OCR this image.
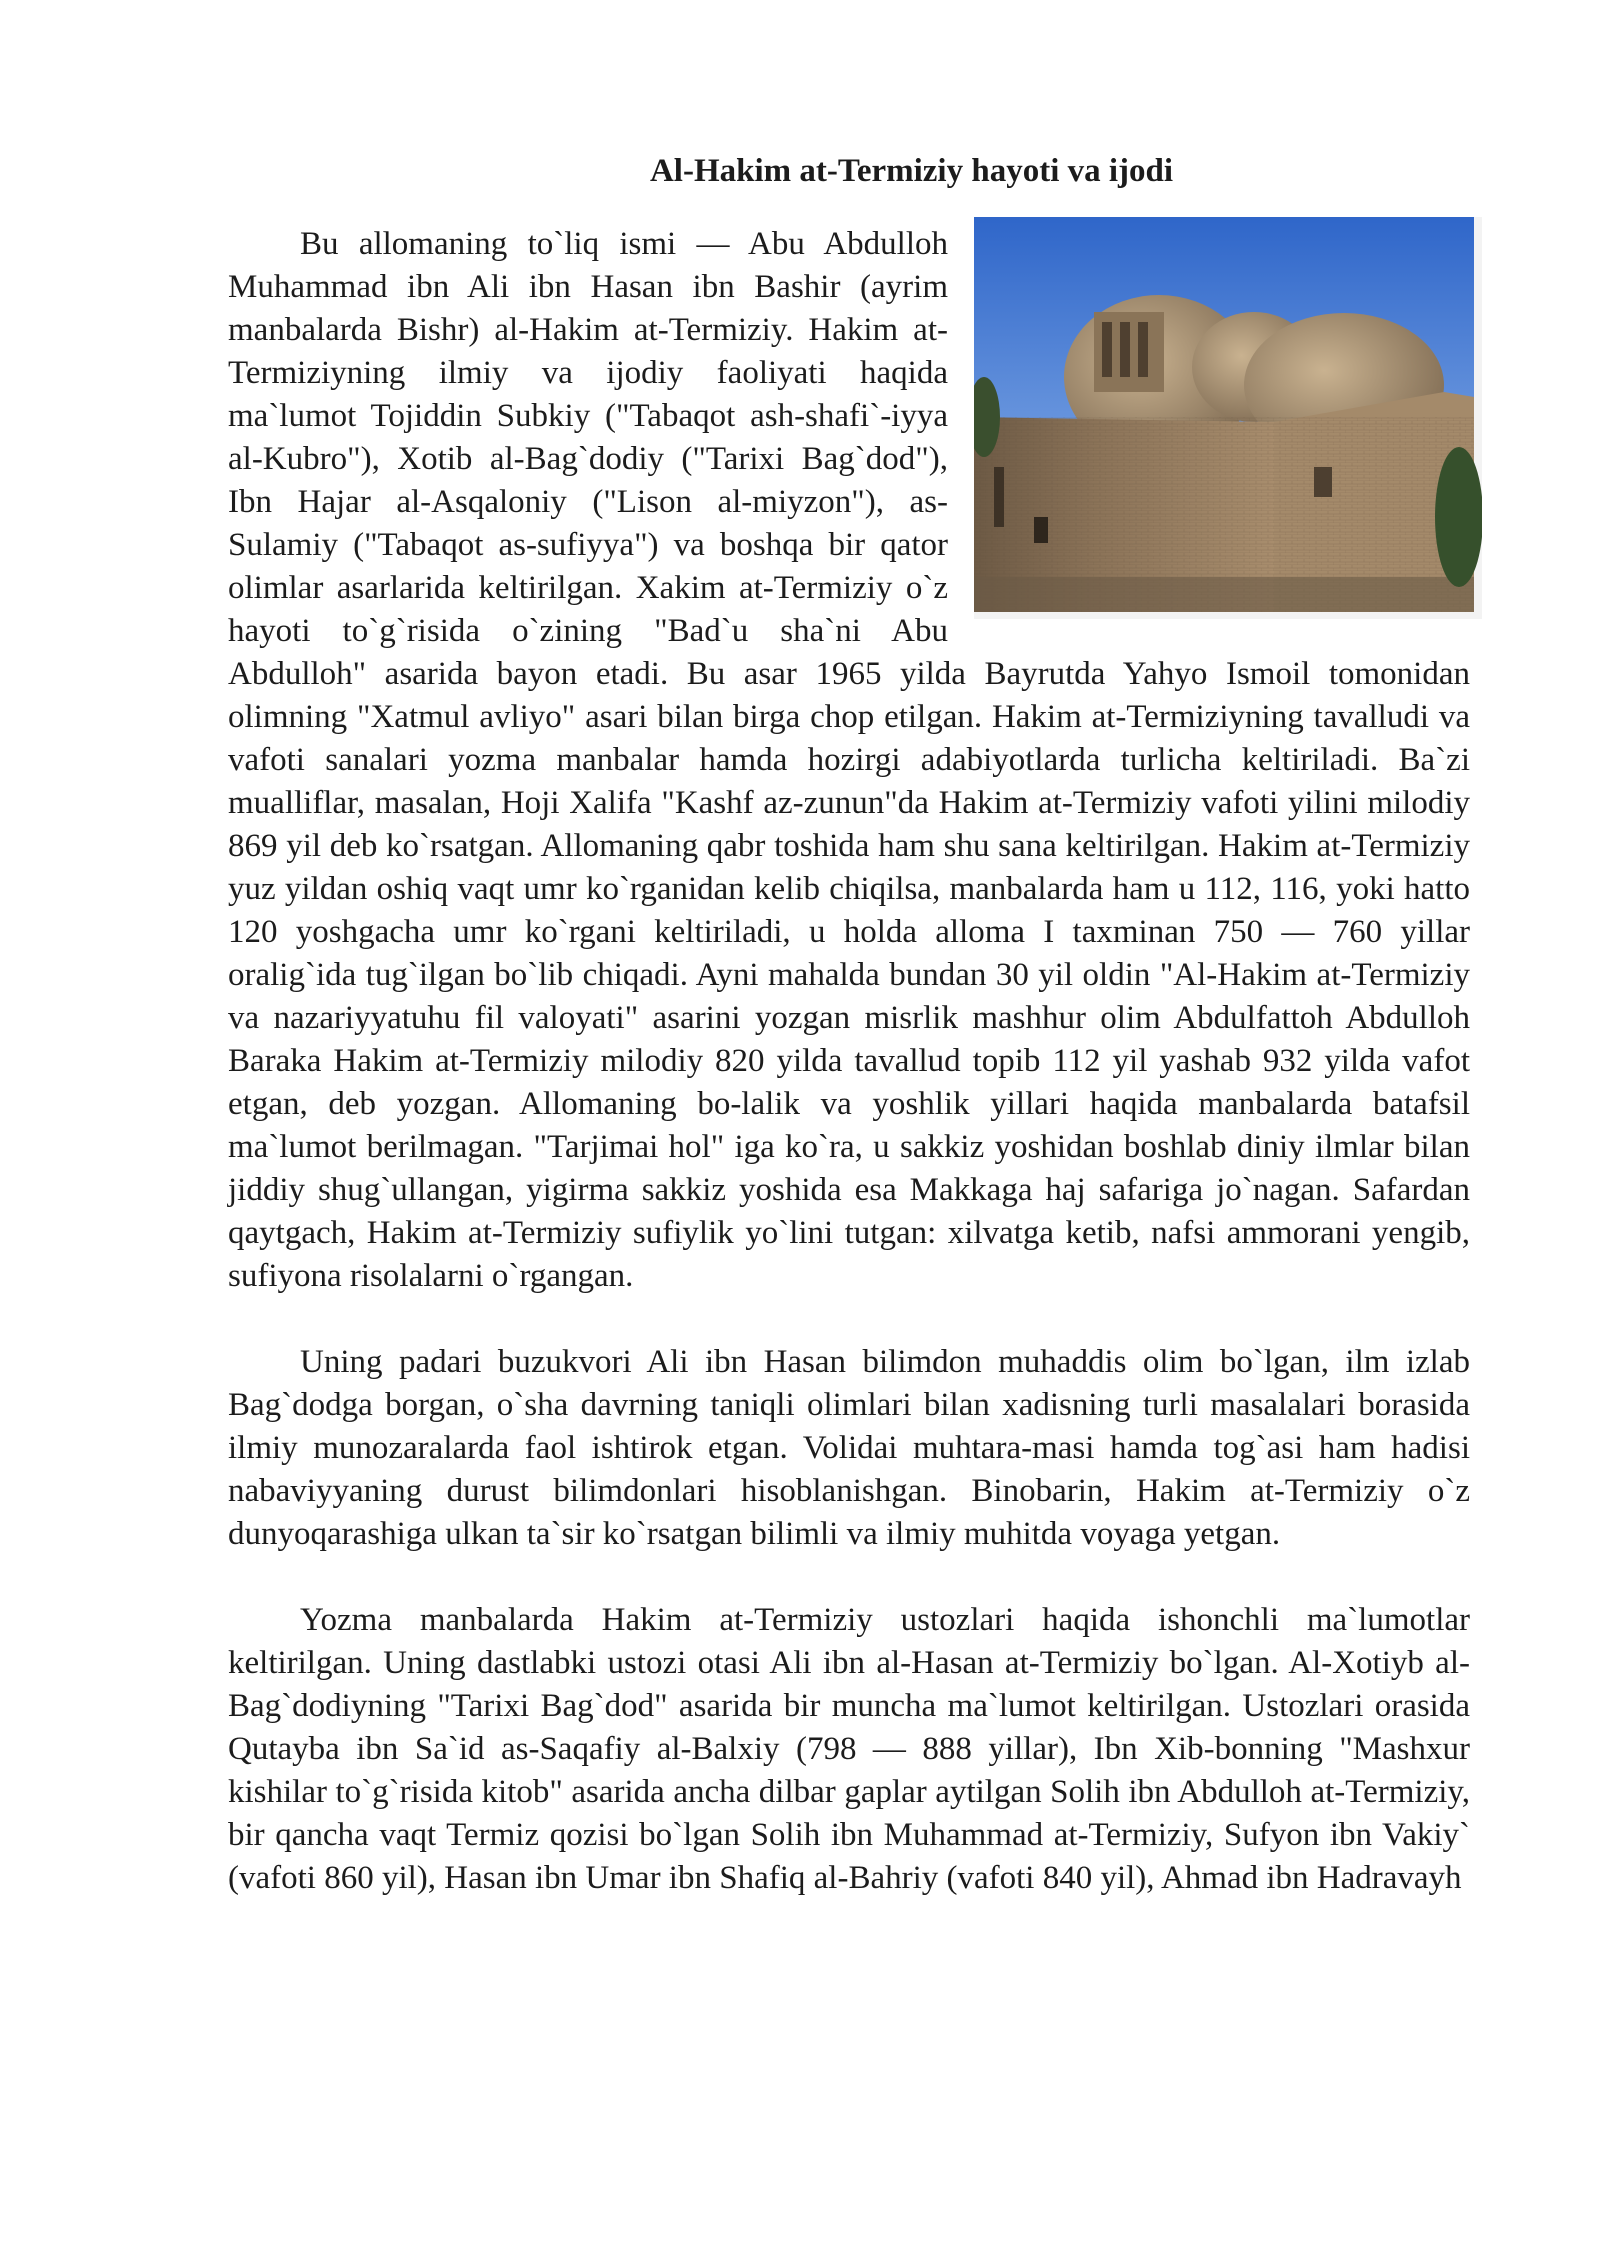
Al-Hakim at-Termiziy hayoti va ijodi

Bu allomaning to`liq ismi — Abu Abdulloh Muhammad ibn Ali ibn Hasan ibn Bashir (ayrim manbalarda Bishr) al-Hakim at-Termiziy. Hakim at-Termiziyning ilmiy va ijodiy faoliyati haqida ma`lumot Tojiddin Subkiy ("Tabaqot ash-shafi`-iyya al-Kubro"), Xotib al-Bag`dodiy ("Tarixi Bag`dod"), Ibn Hajar al-Asqaloniy ("Lison al-miyzon"), as-Sulamiy ("Tabaqot as-sufiyya") va boshqa bir qator olimlar asarlarida keltirilgan. Xakim at-Termiziy o`z hayoti to`g`risida o`zining "Bad`u sha`ni Abu Abdulloh" asarida bayon etadi. Bu asar 1965 yilda Bayrutda Yahyo Ismoil tomonidan olimning "Xatmul avliyo" asari bilan birga chop etilgan. Hakim at-Termiziyning tavalludi va vafoti sanalari yozma manbalar hamda hozirgi adabiyotlarda turlicha keltiriladi. Ba`zi mualliflar, masalan, Hoji Xalifa "Kashf az-zunun"da Hakim at-Termiziy vafoti yilini milodiy 869 yil deb ko`rsatgan. Allomaning qabr toshida ham shu sana keltirilgan. Hakim at-Termiziy yuz yildan oshiq vaqt umr ko`rganidan kelib chiqilsa, manbalarda ham u 112, 116, yoki hatto 120 yoshgacha umr ko`rgani keltiriladi, u holda alloma I taxminan 750 — 760 yillar oralig`ida tug`ilgan bo`lib chiqadi. Ayni mahalda bundan 30 yil oldin "Al-Hakim at-Termiziy va nazariyyatuhu fil valoyati" asarini yozgan misrlik mashhur olim Abdulfattoh Abdulloh Baraka Hakim at-Termiziy milodiy 820 yilda tavallud topib 112 yil yashab 932 yilda vafot etgan, deb yozgan. Allomaning bo-lalik va yoshlik yillari haqida manbalarda batafsil ma`lumot berilmagan. "Tarjimai hol" iga ko`ra, u sakkiz yoshidan boshlab diniy ilmlar bilan jiddiy shug`ullangan, yigirma sakkiz yoshida esa Makkaga haj safariga jo`nagan. Safardan qaytgach, Hakim at-Termiziy sufiylik yo`lini tutgan: xilvatga ketib, nafsi ammorani yengib, sufiyona risolalarni o`rgangan.

Uning padari buzukvori Ali ibn Hasan bilimdon muhaddis olim bo`lgan, ilm izlab Bag`dodga borgan, o`sha davrning taniqli olimlari bilan xadisning turli masalalari borasida ilmiy munozaralarda faol ishtirok etgan. Volidai muhtara-masi hamda tog`asi ham hadisi nabaviyyaning durust bilimdonlari hisoblanishgan. Binobarin, Hakim at-Termiziy o`z dunyoqarashiga ulkan ta`sir ko`rsatgan bilimli va ilmiy muhitda voyaga yetgan.

Yozma manbalarda Hakim at-Termiziy ustozlari haqida ishonchli ma`lumotlar keltirilgan. Uning dastlabki ustozi otasi Ali ibn al-Hasan at-Termiziy bo`lgan. Al-Xotiyb al-Bag`dodiyning "Tarixi Bag`dod" asarida bir muncha ma`lumot keltirilgan. Ustozlari orasida Qutayba ibn Sa`id as-Saqafiy al-Balxiy (798 — 888 yillar), Ibn Xib-bonning "Mashxur kishilar to`g`risida kitob" asarida ancha dilbar gaplar aytilgan Solih ibn Abdulloh at-Termiziy, bir qancha vaqt Termiz qozisi bo`lgan Solih ibn Muhammad at-Termiziy, Sufyon ibn Vakiy` (vafoti 860 yil), Hasan ibn Umar ibn Shafiq al-Bahriy (vafoti 840 yil), Ahmad ibn Hadravayh
